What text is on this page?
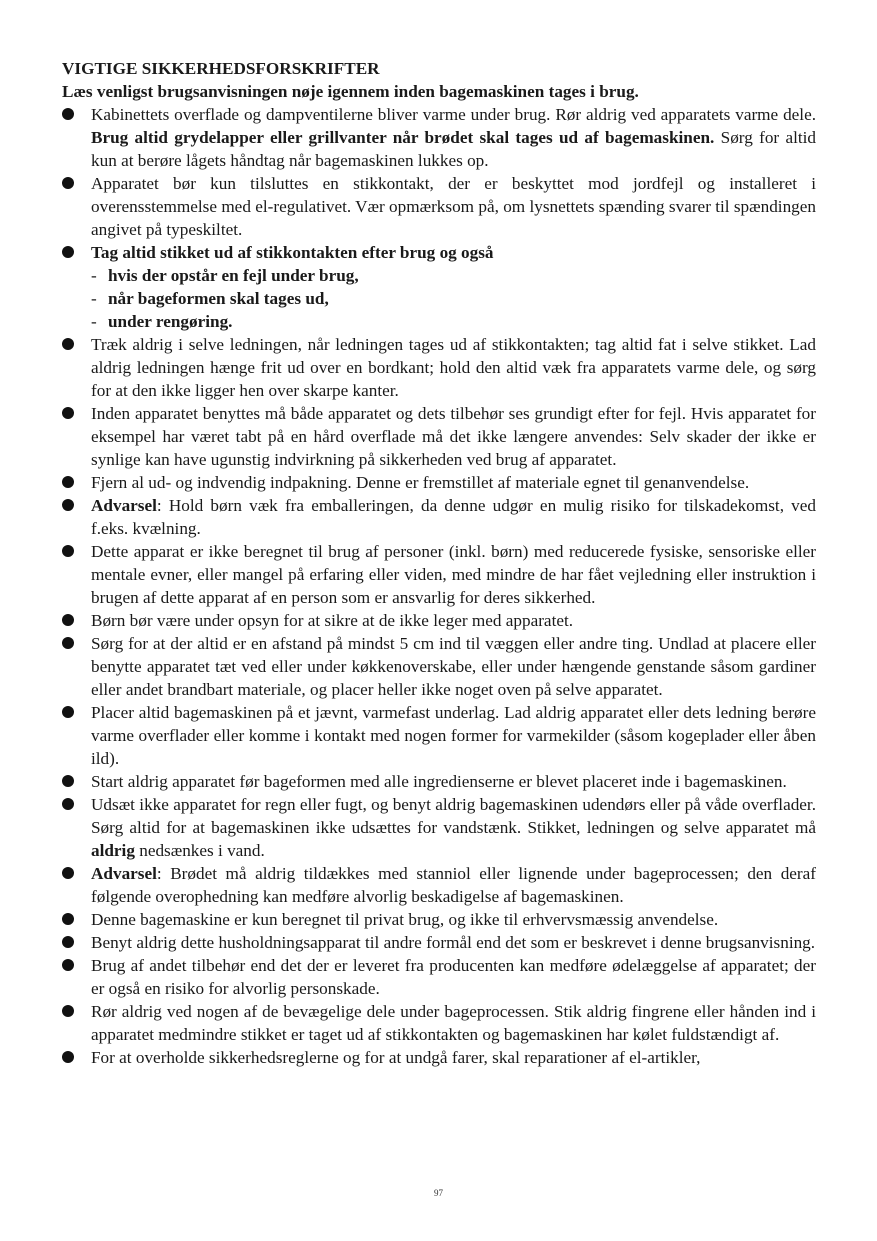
VIGTIGE SIKKERHEDSFORSKRIFTER

Læs venligst brugsanvisningen nøje igennem inden bagemaskinen tages i brug.

Kabinettets overflade og dampventilerne bliver varme under brug. Rør aldrig ved apparatets varme dele. Brug altid grydelapper eller grillvanter når brødet skal tages ud af bagemaskinen. Sørg for altid kun at berøre lågets håndtag når bagemaskinen lukkes op.
Apparatet bør kun tilsluttes en stikkontakt, der er beskyttet mod jordfejl og installeret i overensstemmelse med el-regulativet. Vær opmærksom på, om lysnettets spænding svarer til spændingen angivet på typeskiltet.
Tag altid stikket ud af stikkontakten efter brug og også
- hvis der opstår en fejl under brug,
- når bageformen skal tages ud,
- under rengøring.
Træk aldrig i selve ledningen, når ledningen tages ud af stikkontakten; tag altid fat i selve stikket. Lad aldrig ledningen hænge frit ud over en bordkant; hold den altid væk fra apparatets varme dele, og sørg for at den ikke ligger hen over skarpe kanter.
Inden apparatet benyttes må både apparatet og dets tilbehør ses grundigt efter for fejl. Hvis apparatet for eksempel har været tabt på en hård overflade må det ikke længere anvendes: Selv skader der ikke er synlige kan have ugunstig indvirkning på sikkerheden ved brug af apparatet.
Fjern al ud- og indvendig indpakning. Denne er fremstillet af materiale egnet til genanvendelse.
Advarsel: Hold børn væk fra emballeringen, da denne udgør en mulig risiko for tilskadekomst, ved f.eks. kvælning.
Dette apparat er ikke beregnet til brug af personer (inkl. børn) med reducerede fysiske, sensoriske eller mentale evner, eller mangel på erfaring eller viden, med mindre de har fået vejledning eller instruktion i brugen af dette apparat af en person som er ansvarlig for deres sikkerhed.
Børn bør være under opsyn for at sikre at de ikke leger med apparatet.
Sørg for at der altid er en afstand på mindst 5 cm ind til væggen eller andre ting. Undlad at placere eller benytte apparatet tæt ved eller under køkkenoverskabe, eller under hængende genstande såsom gardiner eller andet brandbart materiale, og placer heller ikke noget oven på selve apparatet.
Placer altid bagemaskinen på et jævnt, varmefast underlag. Lad aldrig apparatet eller dets ledning berøre varme overflader eller komme i kontakt med nogen former for varmekilder (såsom kogeplader eller åben ild).
Start aldrig apparatet før bageformen med alle ingredienserne er blevet placeret inde i bagemaskinen.
Udsæt ikke apparatet for regn eller fugt, og benyt aldrig bagemaskinen udendørs eller på våde overflader. Sørg altid for at bagemaskinen ikke udsættes for vandstænk. Stikket, ledningen og selve apparatet må aldrig nedsænkes i vand.
Advarsel: Brødet må aldrig tildækkes med stanniol eller lignende under bageprocessen; den deraf følgende overophedning kan medføre alvorlig beskadigelse af bagemaskinen.
Denne bagemaskine er kun beregnet til privat brug, og ikke til erhvervsmæssig anvendelse.
Benyt aldrig dette husholdningsapparat til andre formål end det som er beskrevet i denne brugsanvisning.
Brug af andet tilbehør end det der er leveret fra producenten kan medføre ødelæggelse af apparatet; der er også en risiko for alvorlig personskade.
Rør aldrig ved nogen af de bevægelige dele under bageprocessen. Stik aldrig fingrene eller hånden ind i apparatet medmindre stikket er taget ud af stikkontakten og bagemaskinen har kølet fuldstændigt af.
For at overholde sikkerhedsreglerne og for at undgå farer, skal reparationer af el-artikler,
97
